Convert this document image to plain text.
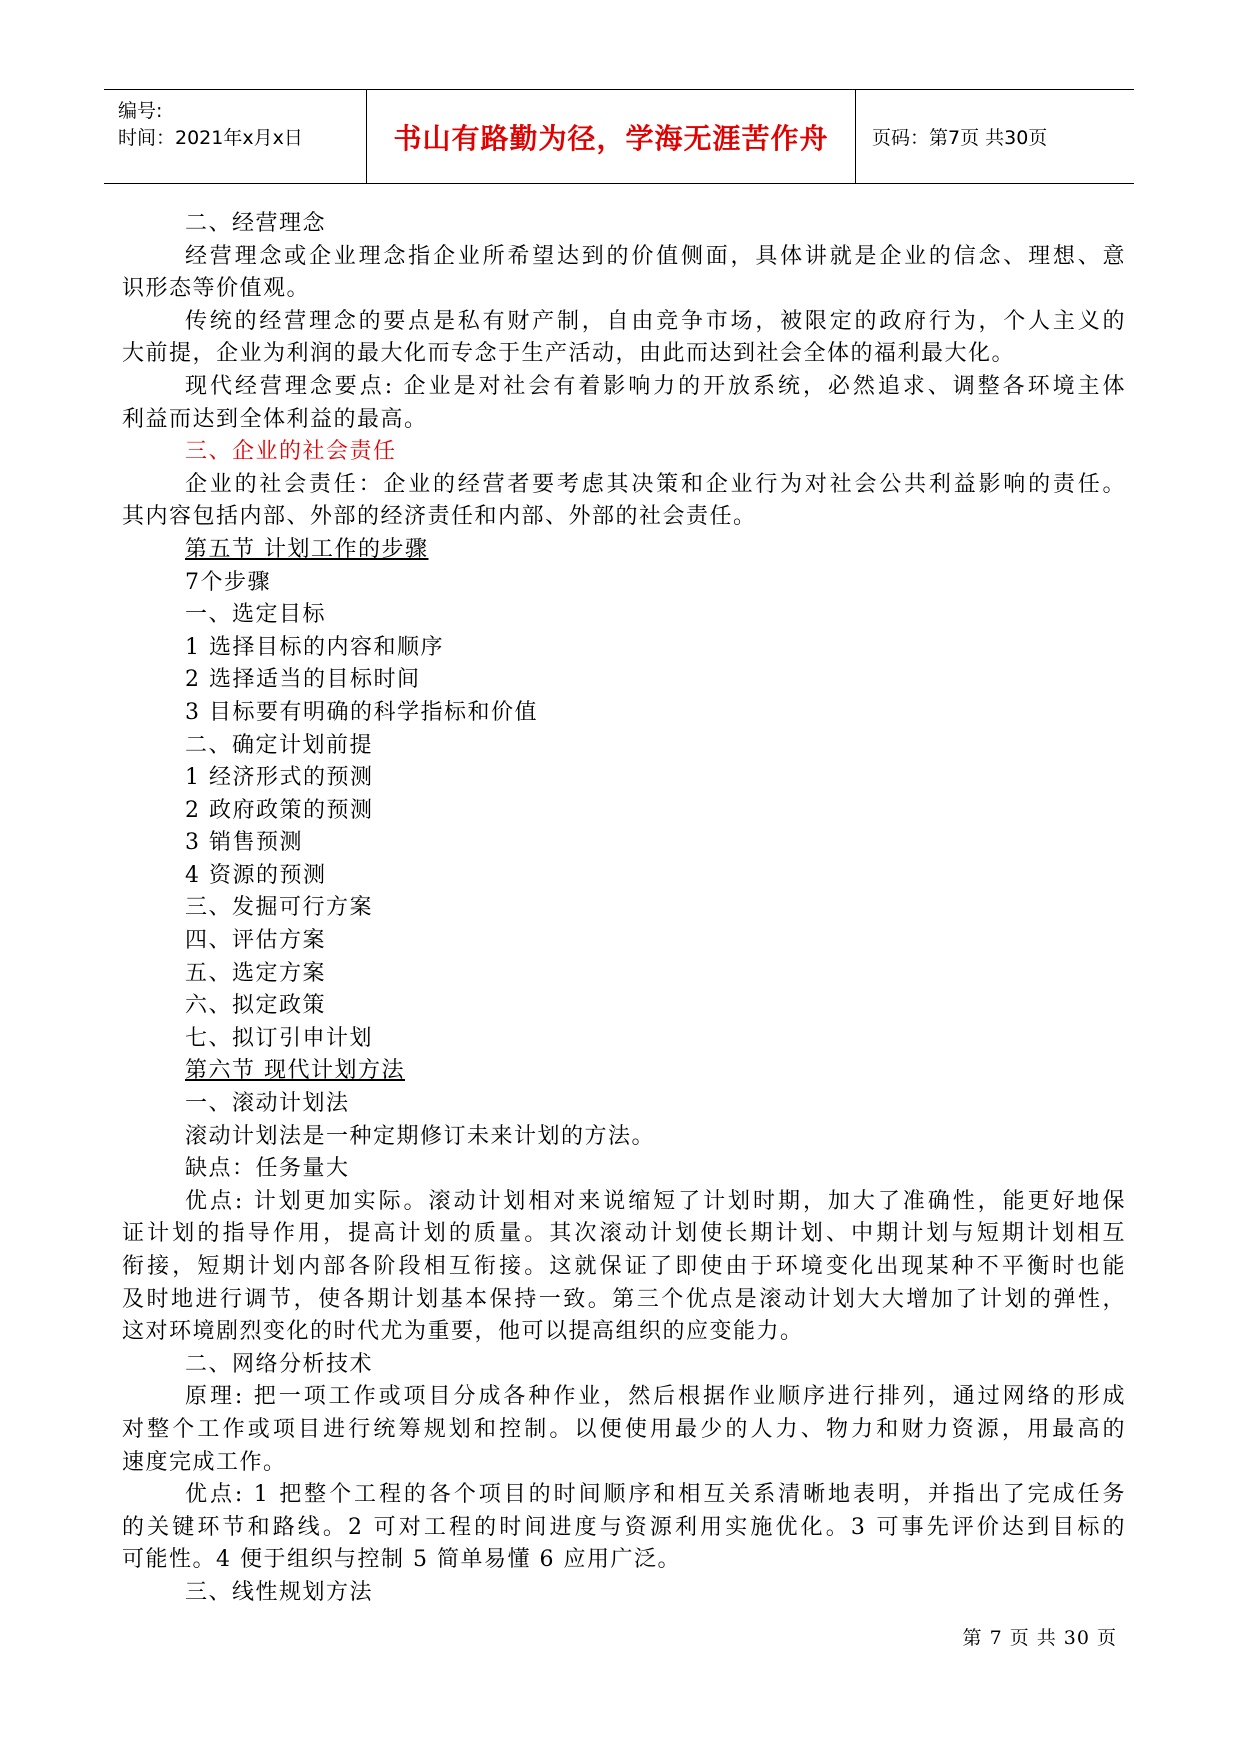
编号:
时间：2021年x月x日	书山有路勤为径，学海无涯苦作舟 页码：第7页 共30页
二、经营理念
经营理念或企业理念指企业所希望达到的价值侧面，具体讲就是企业的信念、理想、意
识形态等价值观。
传统的经营理念的要点是私有财产制，自由竞争市场，被限定的政府行为，个人主义的
大前提，企业为利润的最大化而专念于生产活动，由此而达到社会全体的福利最大化。
现代经营理念要点: 企业是对社会有着影响力的开放系统，必然追求、调整各环境主体
利益而达到全体利益的最高。
三、企业的社会责任
企业的社会责任：企业的经营者要考虑其决策和企业行为对社会公共利益影响的责任。
其内容包括内部、外部的经济责任和内部、外部的社会责任。
第五节 计划工作的步骤
7个步骤
一、选定目标
1 选择目标的内容和顺序
2 选择适当的目标时间
3 目标要有明确的科学指标和价值
二、确定计划前提
1 经济形式的预测
2 政府政策的预测
3 销售预测
4 资源的预测
三、发掘可行方案
四、评估方案
五、选定方案
六、拟定政策
七、拟订引申计划
第六节 现代计划方法
一、滚动计划法
滚动计划法是一种定期修订未来计划的方法。
缺点：任务量大
优点: 计划更加实际。滚动计划相对来说缩短了计划时期，加大了准确性，能更好地保
证计划的指导作用，提高计划的质量。其次滚动计划使长期计划、中期计划与短期计划相互
衔接，短期计划内部各阶段相互衔接。这就保证了即使由于环境变化出现某种不平衡时也能
及时地进行调节，使各期计划基本保持一致。第三个优点是滚动计划大大增加了计划的弹性，
这对环境剧烈变化的时代尤为重要，他可以提高组织的应变能力。
二、网络分析技术
原理: 把一项工作或项目分成各种作业，然后根据作业顺序进行排列，通过网络的形成
对整个工作或项目进行统筹规划和控制。以便使用最少的人力、物力和财力资源，用最高的
速度完成工作。
优点: 1 把整个工程的各个项目的时间顺序和相互关系清晰地表明，并指出了完成任务
的关键环节和路线。2 可对工程的时间进度与资源利用实施优化。3 可事先评价达到目标的
可能性。4 便于组织与控制 5 简单易懂 6 应用广泛。
三、线性规划方法
第 7 页 共 30 页
